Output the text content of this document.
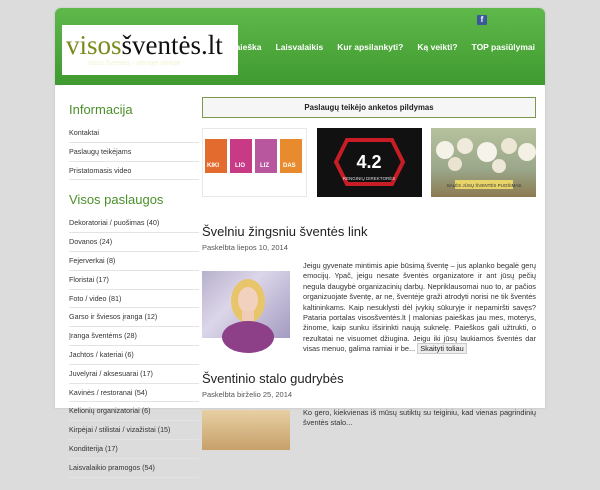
visosšventės.lt
visos šventės - vienoje vietoje
f
Paieška Laisvalaikis Kur apsilankyti? Ką veikti? TOP pasiūlymai
Informacija
Kontaktai
Paslaugų teikėjams
Pristatomasis video
Visos paslaugos
Dekoratoriai / puošimas (40)
Dovanos (24)
Fejerverkai (8)
Floristai (17)
Foto / video (81)
Garso ir šviesos įranga (12)
Įranga šventėms (28)
Jachtos / kateriai (6)
Juvelyrai / aksesuarai (17)
Kavinės / restoranai (54)
Kelionių organizatoriai (6)
Kirpėjai / stilistai / vizažistai (15)
Konditerija (17)
Laisvalaikio pramogos (54)
Paslaugų teikėjo anketos pildymas
KIKI	LIO	LIZ DAS	4.2
RENGINIŲ DIREKTORĖS
SALĖS JŪSŲ ŠVENTĖS PUOŠIMAS
Švelniu žingsniu šventės link
Paskelbta liepos 10, 2014
Jeigu gyvenate mintimis apie būsimą šventę – jus aplanko begalė gerų emocijų. Ypač, jeigu nesate šventės organizatore ir ant jūsų pečių negula daugybė organizacinių darbų. Nepriklausomai nuo to, ar pačios organizuojate šventę, ar ne, šventėje graži atrodyti norisi ne tik šventės kaltininkams. Kaip nesuklysti dėl įvykių sūkuryje ir nepamiršti savęs? Pataria portalas visosšventės.lt | malonias paieškas jau mes, moterys, žinome, kaip sunku išsirinkti naują suknelę. Paieškos gali užtrukti, o rezultatai ne visuomet džiugina. Jeigu iki jūsų laukiamos šventės dar visas menuo, galima ramiai ir be... Skaityti toliau
Šventinio stalo gudrybės
Paskelbta birželio 25, 2014
Ko gero, kiekvienas iš mūsų sutiktų su teiginiu, kad vienas pagrindinių šventės stalo...
